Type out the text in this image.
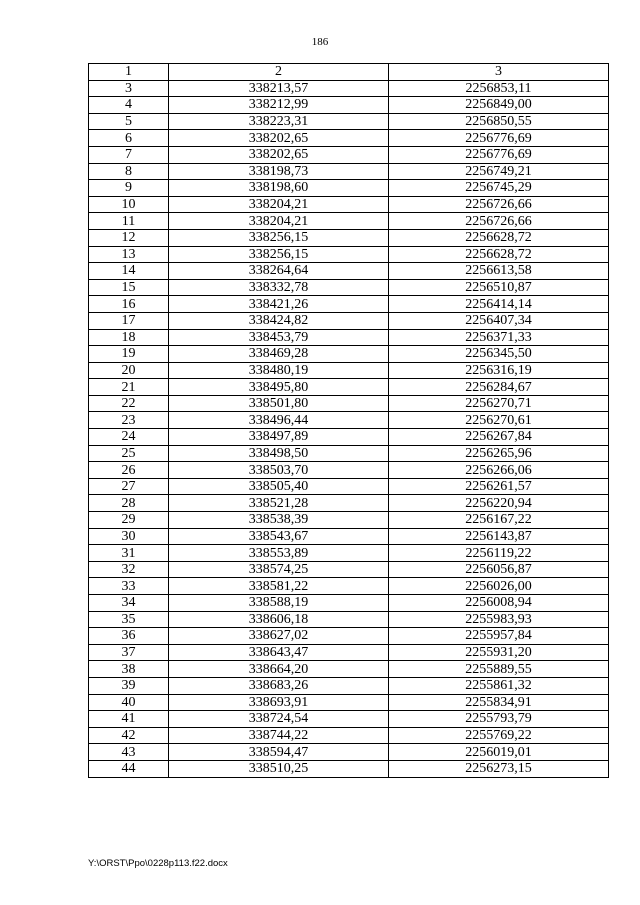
186
1	2	3
3	338213,57	2256853,11
4	338212,99	2256849,00
5	338223,31	2256850,55
6	338202,65	2256776,69
7	338202,65	2256776,69
8	338198,73	2256749,21
9	338198,60	2256745,29
10	338204,21	2256726,66
11	338204,21	2256726,66
12	338256,15	2256628,72
13	338256,15	2256628,72
14	338264,64	2256613,58
15	338332,78	2256510,87
16	338421,26	2256414,14
17	338424,82	2256407,34
18	338453,79	2256371,33
19	338469,28	2256345,50
20	338480,19	2256316,19
21	338495,80	2256284,67
22	338501,80	2256270,71
23	338496,44	2256270,61
24	338497,89	2256267,84
25	338498,50	2256265,96
26	338503,70	2256266,06
27	338505,40	2256261,57
28	338521,28	2256220,94
29	338538,39	2256167,22
30	338543,67	2256143,87
31	338553,89	2256119,22
32	338574,25	2256056,87
33	338581,22	2256026,00
34	338588,19	2256008,94
35	338606,18	2255983,93
36	338627,02	2255957,84
37	338643,47	2255931,20
38	338664,20	2255889,55
39	338683,26	2255861,32
40	338693,91	2255834,91
41	338724,54	2255793,79
42	338744,22	2255769,22
43	338594,47	2256019,01
44	338510,25	2256273,15
Y:\ORST\Ppo\0228p113.f22.docx
